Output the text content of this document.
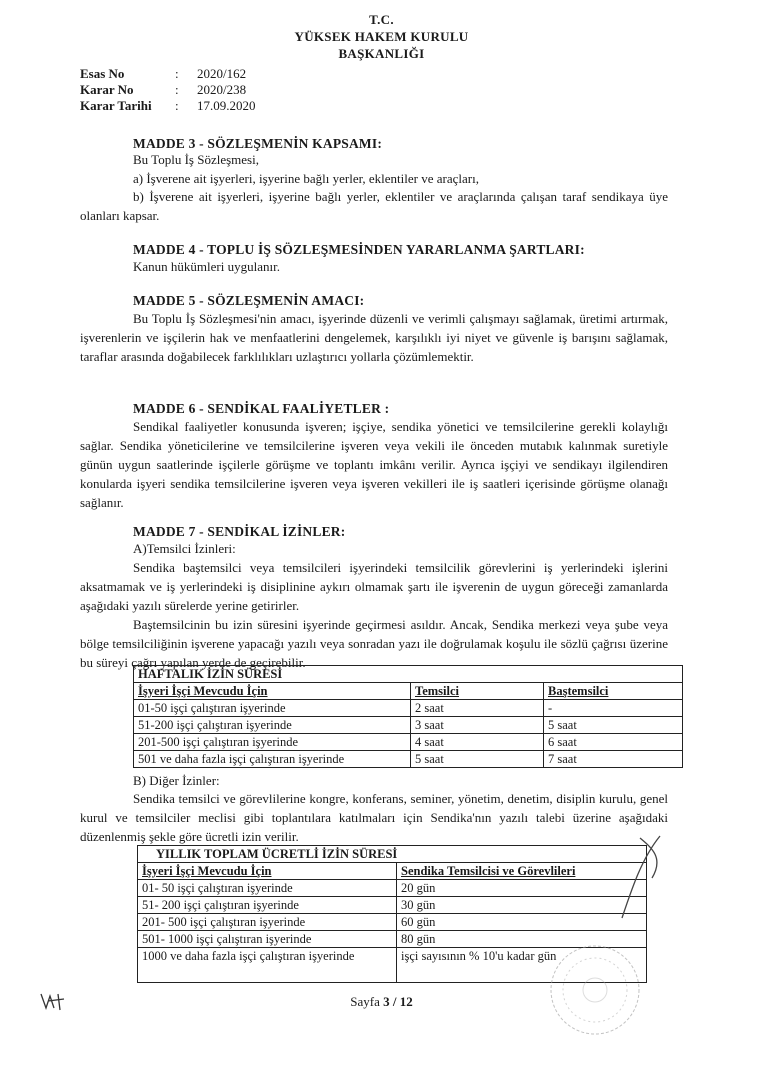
T.C.
YÜKSEK HAKEM KURULU
BAŞKANLIĞI
Esas No	:	2020/162
Karar No	:	2020/238
Karar Tarihi	:	17.09.2020
MADDE 3 - SÖZLEŞMENİN KAPSAMI:
Bu Toplu İş Sözleşmesi,
a) İşverene ait işyerleri, işyerine bağlı yerler, eklentiler ve araçları,
b) İşverene ait işyerleri, işyerine bağlı yerler, eklentiler ve araçlarında çalışan taraf sendikaya üye olanları kapsar.
MADDE 4 - TOPLU İŞ SÖZLEŞMESİNDEN YARARLANMA ŞARTLARI:
Kanun hükümleri uygulanır.
MADDE 5 - SÖZLEŞMENİN AMACI:
Bu Toplu İş Sözleşmesi'nin amacı, işyerinde düzenli ve verimli çalışmayı sağlamak, üretimi artırmak, işverenlerin ve işçilerin hak ve menfaatlerini dengelemek, karşılıklı iyi niyet ve güvenle iş barışını sağlamak, taraflar arasında doğabilecek farklılıkları uzlaştırıcı yollarla çözümlemektir.
MADDE 6 - SENDİKAL FAALİYETLER :
Sendikal faaliyetler konusunda işveren; işçiye, sendika yönetici ve temsilcilerine gerekli kolaylığı sağlar. Sendika yöneticilerine ve temsilcilerine işveren veya vekili ile önceden mutabık kalınmak suretiyle günün uygun saatlerinde işçilerle görüşme ve toplantı imkânı verilir. Ayrıca işçiyi ve sendikayı ilgilendiren konularda işyeri sendika temsilcilerine işveren veya işveren vekilleri ile iş saatleri içerisinde görüşme olanağı sağlanır.
MADDE 7 - SENDİKAL İZİNLER:
A)Temsilci İzinleri:
Sendika baştemsilci veya temsilcileri işyerindeki temsilcilik görevlerini iş yerlerindeki işlerini aksatmamak ve iş yerlerindeki iş disiplinine aykırı olmamak şartı ile işverenin de uygun göreceği zamanlarda aşağıdaki yazılı sürelerde yerine getirirler.
Baştemsilcinin bu izin süresini işyerinde geçirmesi asıldır. Ancak, Sendika merkezi veya şube veya bölge temsilciliğinin işverene yapacağı yazılı veya sonradan yazı ile doğrulamak koşulu ile sözlü çağrısı üzerine bu süreyi çağrı yapılan yerde de geçirebilir.
HAFTALIK İZİN SÜRESİ		
İşyeri İşçi Mevcudu İçin	Temsilci	Baştemsilci
01-50 işçi çalıştıran işyerinde	2 saat	-
51-200 işçi çalıştıran işyerinde	3 saat	5 saat
201-500 işçi çalıştıran işyerinde	4 saat	6 saat
501 ve daha fazla işçi çalıştıran işyerinde	5 saat	7 saat
B) Diğer İzinler:
Sendika temsilci ve görevlilerine kongre, konferans, seminer, yönetim, denetim, disiplin kurulu, genel kurul ve temsilciler meclisi gibi toplantılara katılmaları için Sendika'nın yazılı talebi üzerine aşağıdaki düzenlenmiş şekle göre ücretli izin verilir.
YILLIK TOPLAM ÜCRETLİ İZİN SÜRESİ	
İşyeri İşçi Mevcudu İçin	Sendika Temsilcisi ve Görevlileri
01- 50 işçi çalıştıran işyerinde	20 gün
51- 200 işçi çalıştıran işyerinde	30 gün
201- 500 işçi çalıştıran işyerinde	60 gün
501- 1000 işçi çalıştıran işyerinde	80 gün
1000 ve daha fazla işçi çalıştıran işyerinde	işçi sayısının % 10'u kadar gün
Sayfa 3 / 12
